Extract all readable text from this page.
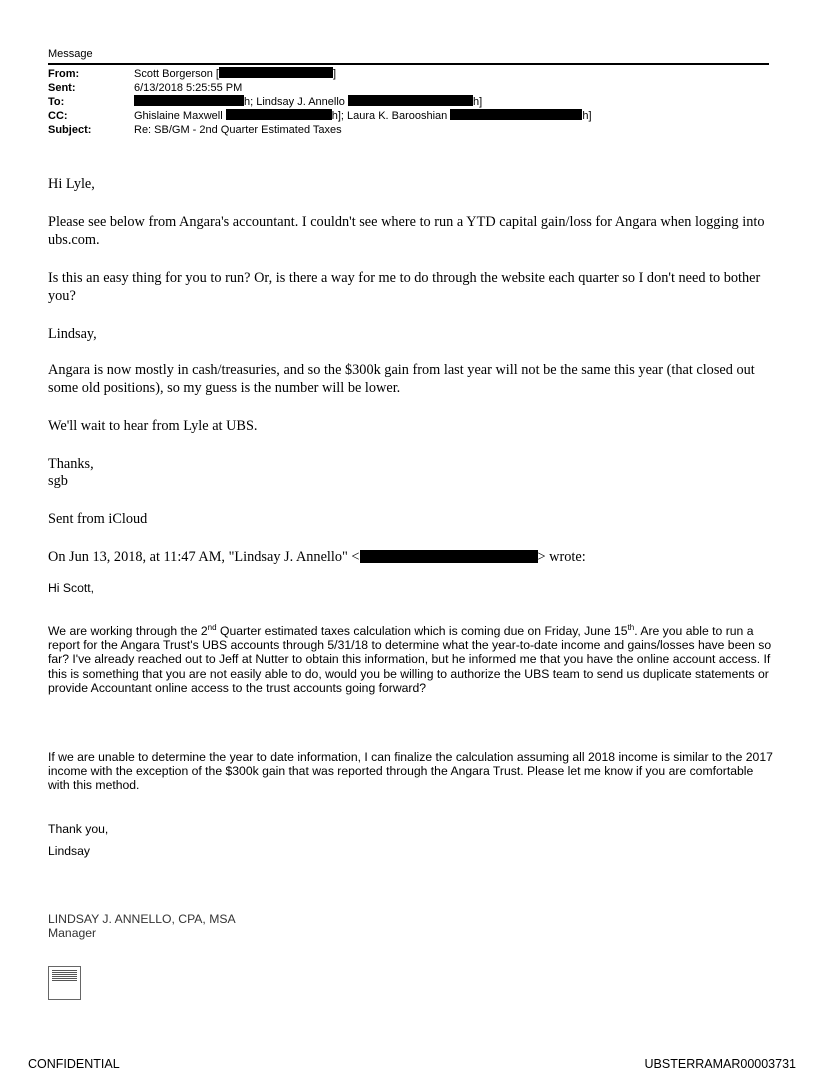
Message
From:	Scott Borgerson [	]
Sent:	6/13/2018 5:25:55 PM
To:	h; Lindsay J. Annello	h]
CC:	Ghislaine Maxwell	h]; Laura K. Barooshian	h]
Subject:	Re: SB/GM - 2nd Quarter Estimated Taxes
Hi Lyle,
Please see below from Angara's accountant. I couldn't see where to run a YTD capital gain/loss for Angara when logging into ubs.com.
Is this an easy thing for you to run? Or, is there a way for me to do through the website each quarter so I don't need to bother you?
Lindsay,
Angara is now mostly in cash/treasuries, and so the $300k gain from last year will not be the same this year (that closed out some old positions), so my guess is the number will be lower.
We'll wait to hear from Lyle at UBS.
Thanks,
sgb
Sent from iCloud
On Jun 13, 2018, at 11:47 AM, "Lindsay J. Annello" <	> wrote:
Hi Scott,
We are working through the 2nd Quarter estimated taxes calculation which is coming due on Friday, June 15th. Are you able to run a report for the Angara Trust's UBS accounts through 5/31/18 to determine what the year-to-date income and gains/losses have been so far? I've already reached out to Jeff at Nutter to obtain this information, but he informed me that you have the online account access. If this is something that you are not easily able to do, would you be willing to authorize the UBS team to send us duplicate statements or provide Accountant online access to the trust accounts going forward?
If we are unable to determine the year to date information, I can finalize the calculation assuming all 2018 income is similar to the 2017 income with the exception of the $300k gain that was reported through the Angara Trust. Please let me know if you are comfortable with this method.
Thank you,
Lindsay
LINDSAY J. ANNELLO, CPA, MSA
Manager
CONFIDENTIAL	UBSTERRAMAR00003731
